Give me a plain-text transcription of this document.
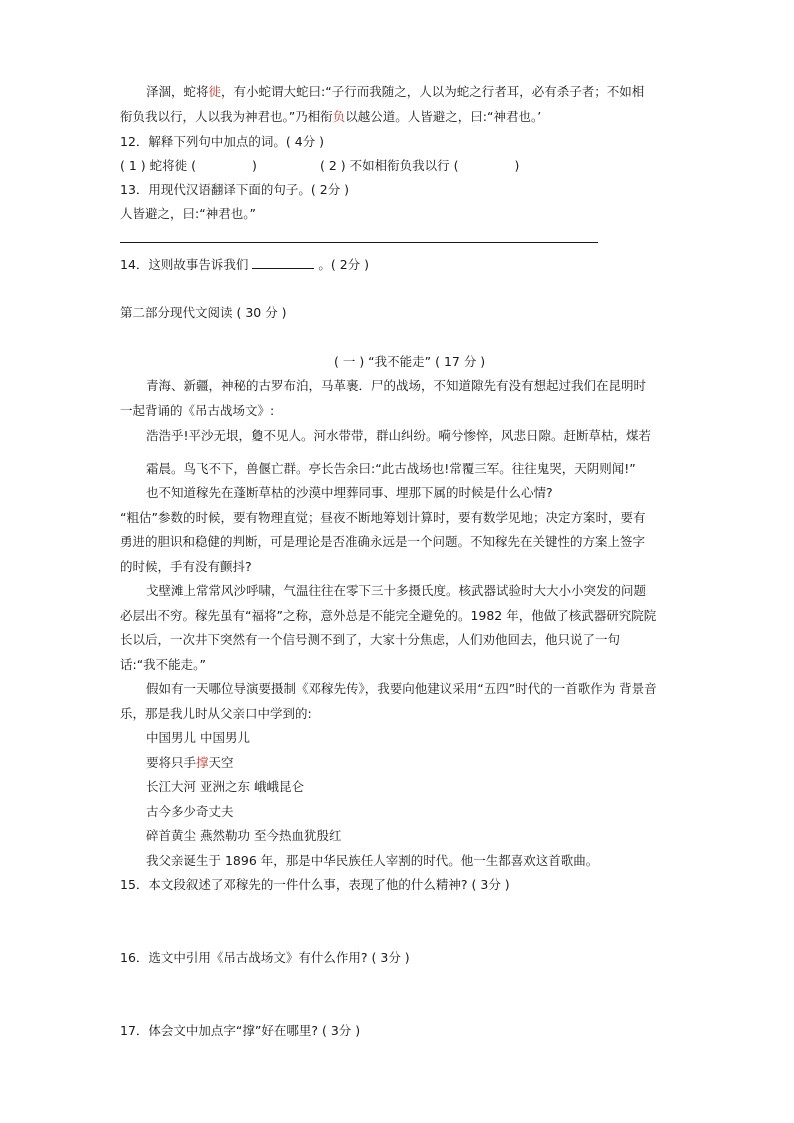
泽涸，蛇将徙，有小蛇谓大蛇曰:“子行而我随之，人以为蛇之行者耳，必有杀子者；不如相
衔负我以行，人以我为神君也。”乃相衔负以越公道。人皆避之，曰:“神君也。’
12．解释下列句中加点的词。( 4分 )
( 1 ) 蛇将徙 (	)	( 2 ) 不如相衔负我以行 (	)
13．用现代汉语翻译下面的句子。( 2分 )
人皆避之，曰:“神君也。”
14．这则故事告诉我们	。( 2分 )
第二部分现代文阅读 ( 30 分 )
( 一 ) “我不能走” ( 17 分 )
青海、新疆，神秘的古罗布泊，马革裹．尸的战场，不知道隙先有没有想起过我们在昆明时
一起背诵的《吊古战场文》:
浩浩乎!平沙无垠，敻不见人。河水带带，群山纠纷。嗬兮惨悴，风悲日隙。赶断草枯，煤若
霜晨。鸟飞不下，兽偃亡群。亭长告余曰:“此古战场也!常覆三军。往往鬼哭，天阴则闻!”
也不知道稼先在蓬断草枯的沙漠中埋葬同事、埋那下属的时候是什么心情?
“粗估”参数的时候，要有物理直觉；昼夜不断地筹划计算时，要有数学见地；决定方案时，要有
勇进的胆识和稳健的判断，可是理论是否准确永远是一个问题。不知稼先在关键性的方案上签字
的时候，手有没有颤抖?
戈壁滩上常常风沙呼啸，气温往往在零下三十多摄氏度。核武器试验时大大小小突发的问题
必层出不穷。稼先虽有“福将”之称，意外总是不能完全避免的。1982 年，他做了核武器研究院院
长以后，一次井下突然有一个信号测不到了，大家十分焦虑，人们劝他回去，他只说了一句
话:“我不能走。”
假如有一天哪位导演要摄制《邓稼先传》，我要向他建议采用“五四”时代的一首歌作为 背景音
乐，那是我儿时从父亲口中学到的:
中国男儿 中国男儿
要将只手撑天空
长江大河 亚洲之东 峨峨昆仑
古今多少奇丈夫
碎首黄尘 燕然勒功 至今热血犹殷红
我父亲诞生于 1896 年，那是中华民族任人宰割的时代。他一生都喜欢这首歌曲。
15．本文段叙述了邓稼先的一件什么事，表现了他的什么精神? ( 3分 )
16．选文中引用《吊古战场文》有什么作用? ( 3分 )
17．体会文中加点字“撑”好在哪里? ( 3分 )
